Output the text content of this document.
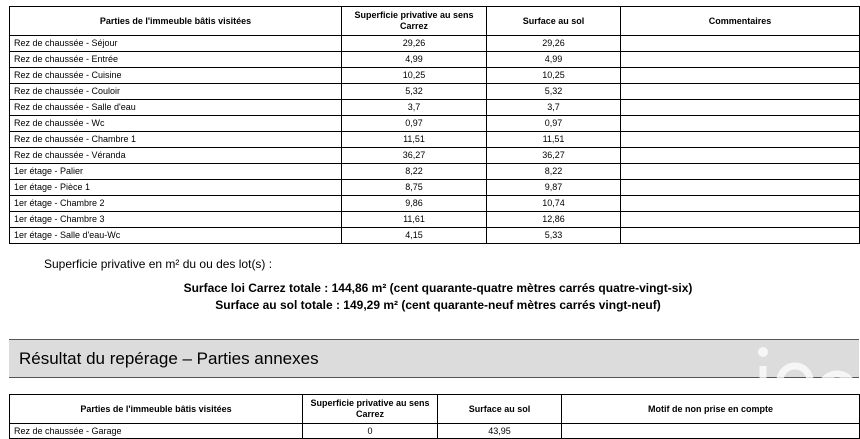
Parties de l'immeuble bâtis visitées	Superficie privative au sens Carrez	Surface au sol	Commentaires
Rez de chaussée - Séjour	29,26	29,26	
Rez de chaussée - Entrée	4,99	4,99	
Rez de chaussée - Cuisine	10,25	10,25	
Rez de chaussée - Couloir	5,32	5,32	
Rez de chaussée - Salle d'eau	3,7	3,7	
Rez de chaussée - Wc	0,97	0,97	
Rez de chaussée - Chambre 1	11,51	11,51	
Rez de chaussée - Véranda	36,27	36,27	
1er étage - Palier	8,22	8,22	
1er étage - Pièce 1	8,75	9,87	
1er étage - Chambre 2	9,86	10,74	
1er étage - Chambre 3	11,61	12,86	
1er étage - Salle d'eau-Wc	4,15	5,33	
Superficie privative en m² du ou des lot(s) :
Surface loi Carrez totale : 144,86 m² (cent quarante-quatre mètres carrés quatre-vingt-six)
Surface au sol totale : 149,29 m² (cent quarante-neuf mètres carrés vingt-neuf)
Résultat du repérage – Parties annexes
Parties de l'immeuble bâtis visitées	Superficie privative au sens Carrez	Surface au sol	Motif de non prise en compte
Rez de chaussée - Garage	0	43,95	
